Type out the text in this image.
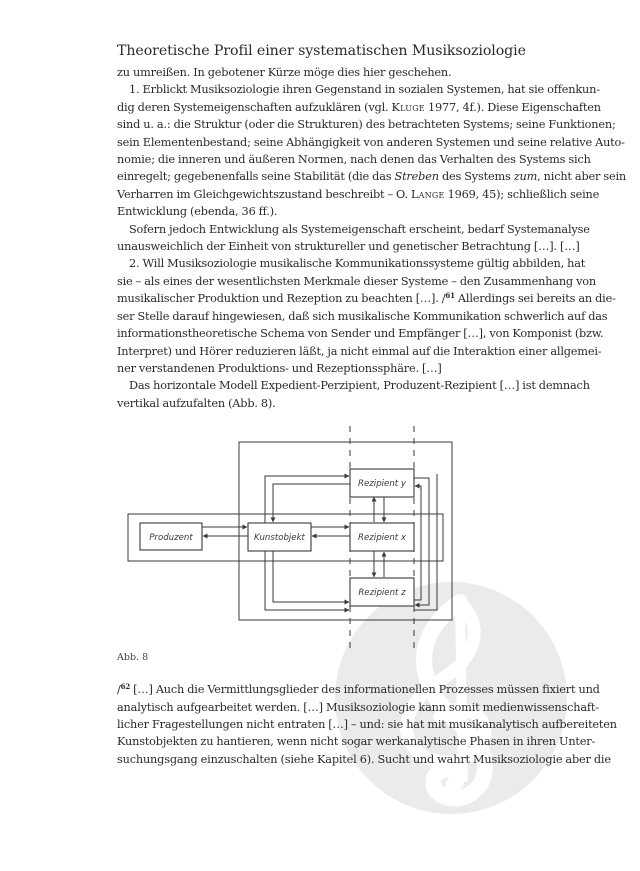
Theoretische Profil einer systematischen Musiksoziologie
zu umreißen. In gebotener Kürze möge dies hier geschehen.
1. Erblickt Musiksoziologie ihren Gegenstand in sozialen Systemen, hat sie offenkun-
dig deren Systemeigenschaften aufzuklären (vgl. Kluge 1977, 4f.). Diese Eigenschaften
sind u. a.: die Struktur (oder die Strukturen) des betrachteten Systems; seine Funktionen;
sein Elementenbestand; seine Abhängigkeit von anderen Systemen und seine relative Auto-
nomie; die inneren und äußeren Normen, nach denen das Verhalten des Systems sich
einregelt; gegebenenfalls seine Stabilität (die das Streben des Systems zum, nicht aber sein
Verharren im Gleichgewichtszustand beschreibt – O. Lange 1969, 45); schließlich seine
Entwicklung (ebenda, 36 ff.).
Sofern jedoch Entwicklung als Systemeigenschaft erscheint, bedarf Systemanalyse
unausweichlich der Einheit von struktureller und genetischer Betrachtung […]. […]
2. Will Musiksoziologie musikalische Kommunikationssysteme gültig abbilden, hat
sie – als eines der wesentlichsten Merkmale dieser Systeme – den Zusammenhang von
musikalischer Produktion und Rezeption zu beachten […]. /$^{61}$ Allerdings sei bereits an die-
ser Stelle darauf hingewiesen, daß sich musikalische Kommunikation schwerlich auf das
informationstheoretische Schema von Sender und Empfänger […], von Komponist (bzw.
Interpret) und Hörer reduzieren läßt, ja nicht einmal auf die Interaktion einer allgemei-
ner verstandenen Produktions- und Rezeptionssphäre. […]
Das horizontale Modell Expedient-Perzipient, Produzent-Rezipient […] ist demnach
vertikal aufzufalten (Abb. 8).
Produzent	Kunstobjekt
Rezipient y
Rezipient x
Rezipient z
Abb. 8
/$^{62}$ […] Auch die Vermittlungsglieder des informationellen Prozesses müssen fixiert und
analytisch aufgearbeitet werden. […] Musiksoziologie kann somit medienwissenschaft-
licher Fragestellungen nicht entraten […] – und: sie hat mit musikanalytisch aufbereiteten
Kunstobjekten zu hantieren, wenn nicht sogar werkanalytische Phasen in ihren Unter-
suchungsgang einzuschalten (siehe Kapitel 6). Sucht und wahrt Musiksoziologie aber die
